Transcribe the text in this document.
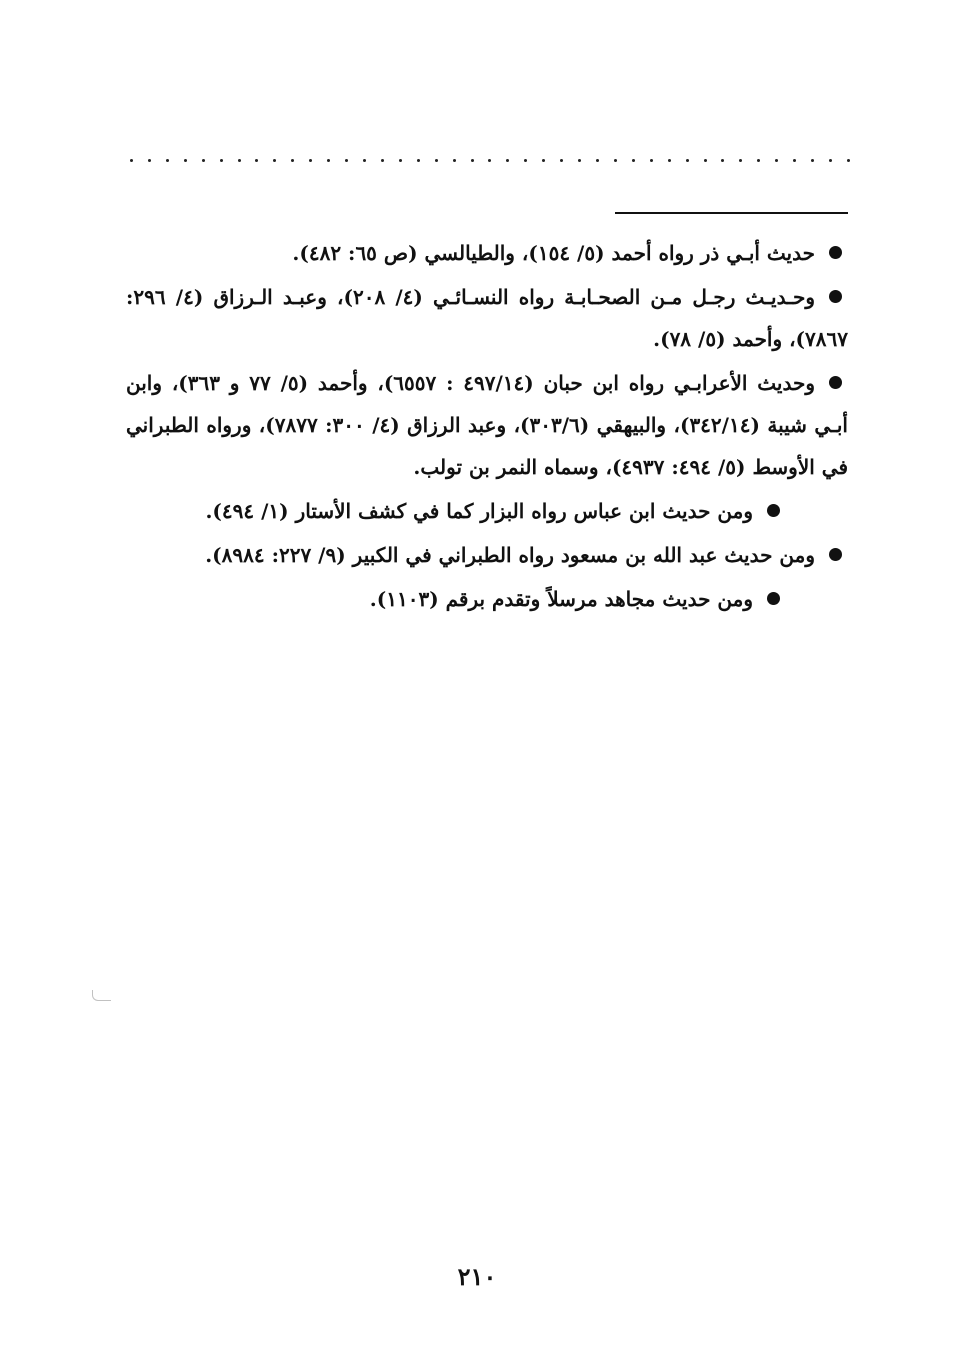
حديث أبـي ذر رواه أحمد (٥/ ١٥٤)، والطيالسي (ص ٦٥: ٤٨٢).

وحـديـث رجـل مـن الصحـابـة رواه النسـائـي (٤/ ٢٠٨)، وعبـد الـرزاق (٤/ ٢٩٦: ٧٨٦٧)، وأحمد (٥/ ٧٨).

وحديث الأعرابـي رواه ابن حبان (٤٩٧/١٤ : ٦٥٥٧)، وأحمد (٥/ ٧٧ و ٣٦٣)، وابن أبـي شيبة (٣٤٢/١٤)، والبيهقي (٣٠٣/٦)، وعبد الرزاق (٤/ ٣٠٠: ٧٨٧٧)، ورواه الطبراني في الأوسط (٥/ ٤٩٤: ٤٩٣٧)، وسماه النمر بن تولب.

ومن حديث ابن عباس رواه البزار كما في كشف الأستار (١/ ٤٩٤).

ومن حديث عبد الله بن مسعود رواه الطبراني في الكبير (٩/ ٢٢٧: ٨٩٨٤).

ومن حديث مجاهد مرسلاً وتقدم برقم (١١٠٣).

٢١٠
